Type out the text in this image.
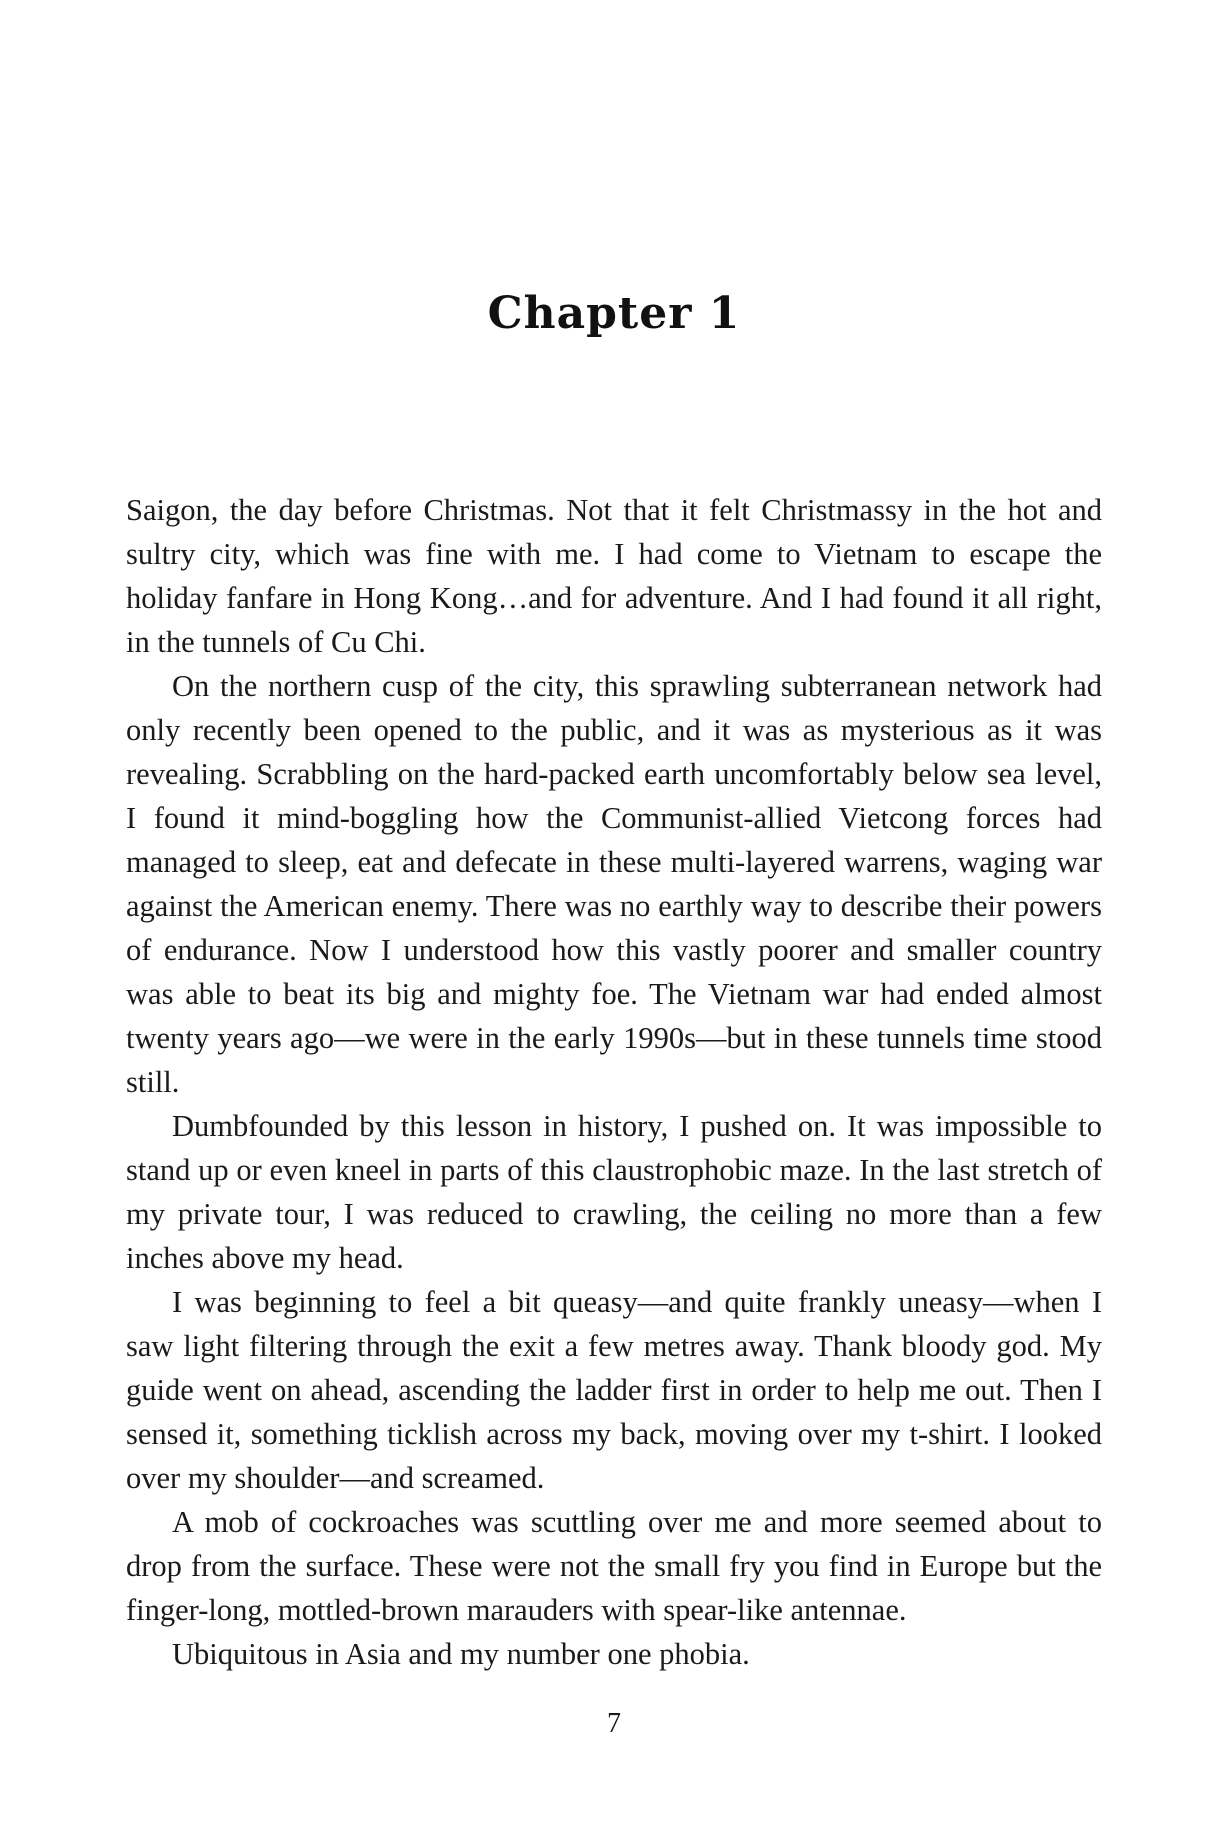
Chapter 1

Saigon, the day before Christmas. Not that it felt Christmassy in the hot and sultry city, which was fine with me. I had come to Vietnam to escape the holiday fanfare in Hong Kong…and for adventure. And I had found it all right, in the tunnels of Cu Chi.

On the northern cusp of the city, this sprawling subterranean network had only recently been opened to the public, and it was as mysterious as it was revealing. Scrabbling on the hard-packed earth uncomfortably below sea level, I found it mind-boggling how the Communist-allied Vietcong forces had managed to sleep, eat and defecate in these multi-layered warrens, waging war against the American enemy. There was no earthly way to describe their powers of endurance. Now I understood how this vastly poorer and smaller country was able to beat its big and mighty foe. The Vietnam war had ended almost twenty years ago—we were in the early 1990s—but in these tunnels time stood still.

Dumbfounded by this lesson in history, I pushed on. It was impossible to stand up or even kneel in parts of this claustrophobic maze. In the last stretch of my private tour, I was reduced to crawling, the ceiling no more than a few inches above my head.

I was beginning to feel a bit queasy—and quite frankly uneasy—when I saw light filtering through the exit a few metres away. Thank bloody god. My guide went on ahead, ascending the ladder first in order to help me out. Then I sensed it, something ticklish across my back, moving over my t-shirt. I looked over my shoulder—and screamed.

A mob of cockroaches was scuttling over me and more seemed about to drop from the surface. These were not the small fry you find in Europe but the finger-long, mottled-brown marauders with spear-like antennae.

Ubiquitous in Asia and my number one phobia.

7
